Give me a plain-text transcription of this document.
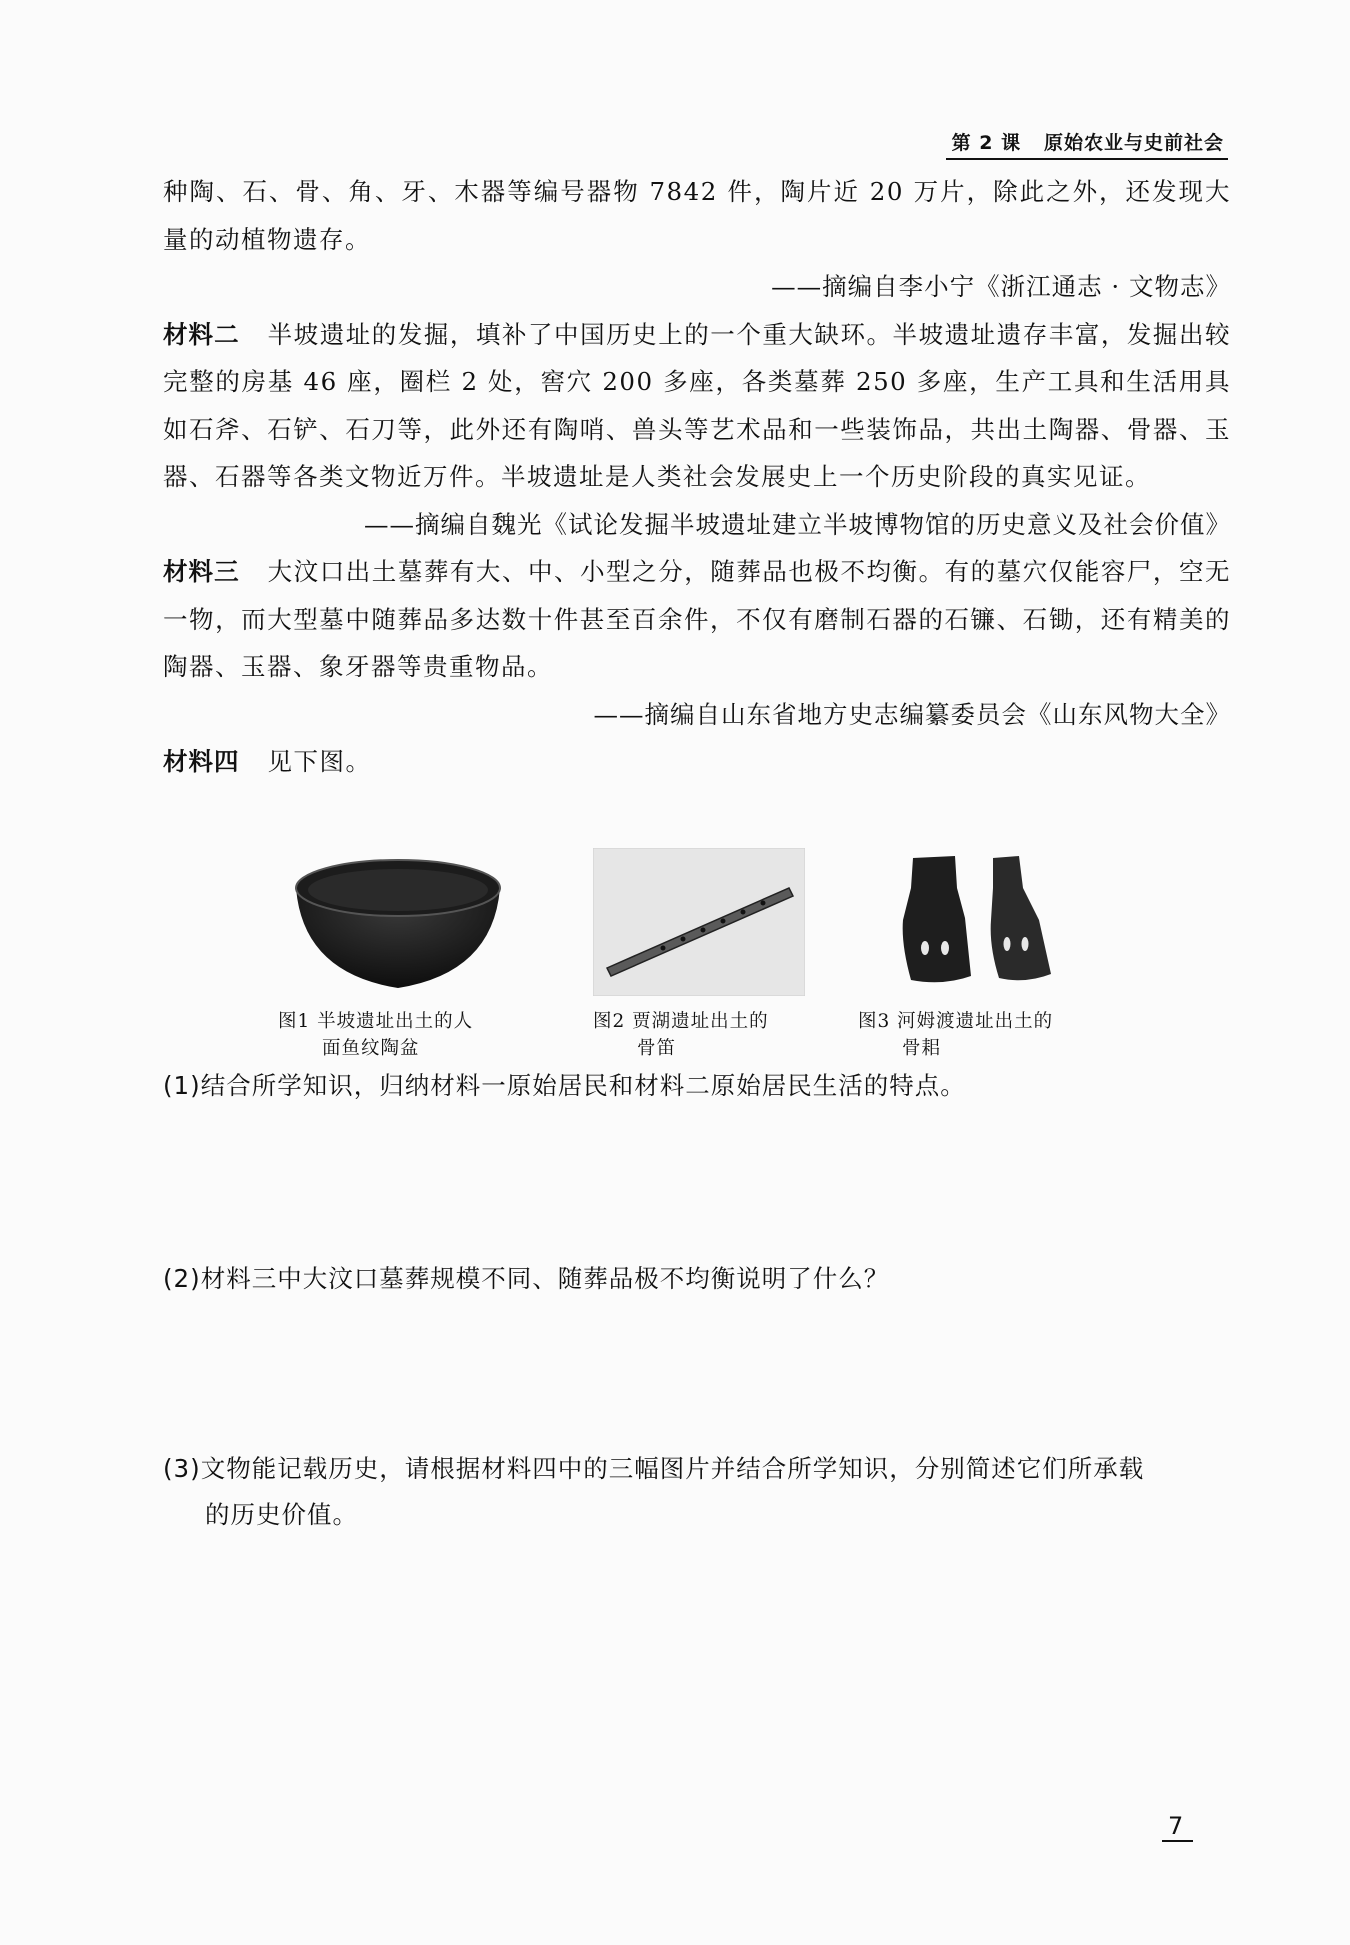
第 2 课 原始农业与史前社会

种陶、石、骨、角、牙、木器等编号器物 7842 件，陶片近 20 万片，除此之外，还发现大量的动植物遗存。

——摘编自李小宁《浙江通志 · 文物志》

材料二 半坡遗址的发掘，填补了中国历史上的一个重大缺环。半坡遗址遗存丰富，发掘出较完整的房基 46 座，圈栏 2 处，窖穴 200 多座，各类墓葬 250 多座，生产工具和生活用具如石斧、石铲、石刀等，此外还有陶哨、兽头等艺术品和一些装饰品，共出土陶器、骨器、玉器、石器等各类文物近万件。半坡遗址是人类社会发展史上一个历史阶段的真实见证。

——摘编自魏光《试论发掘半坡遗址建立半坡博物馆的历史意义及社会价值》

材料三 大汶口出土墓葬有大、中、小型之分，随葬品也极不均衡。有的墓穴仅能容尸，空无一物，而大型墓中随葬品多达数十件甚至百余件，不仅有磨制石器的石镰、石锄，还有精美的陶器、玉器、象牙器等贵重物品。

——摘编自山东省地方史志编纂委员会《山东风物大全》

材料四 见下图。

图1 半坡遗址出土的人
面鱼纹陶盆
图2 贾湖遗址出土的
骨笛
图3 河姆渡遗址出土的
骨耜

(1)结合所学知识，归纳材料一原始居民和材料二原始居民生活的特点。

(2)材料三中大汶口墓葬规模不同、随葬品极不均衡说明了什么？

(3)文物能记载历史，请根据材料四中的三幅图片并结合所学知识，分别简述它们所承载
的历史价值。

7
